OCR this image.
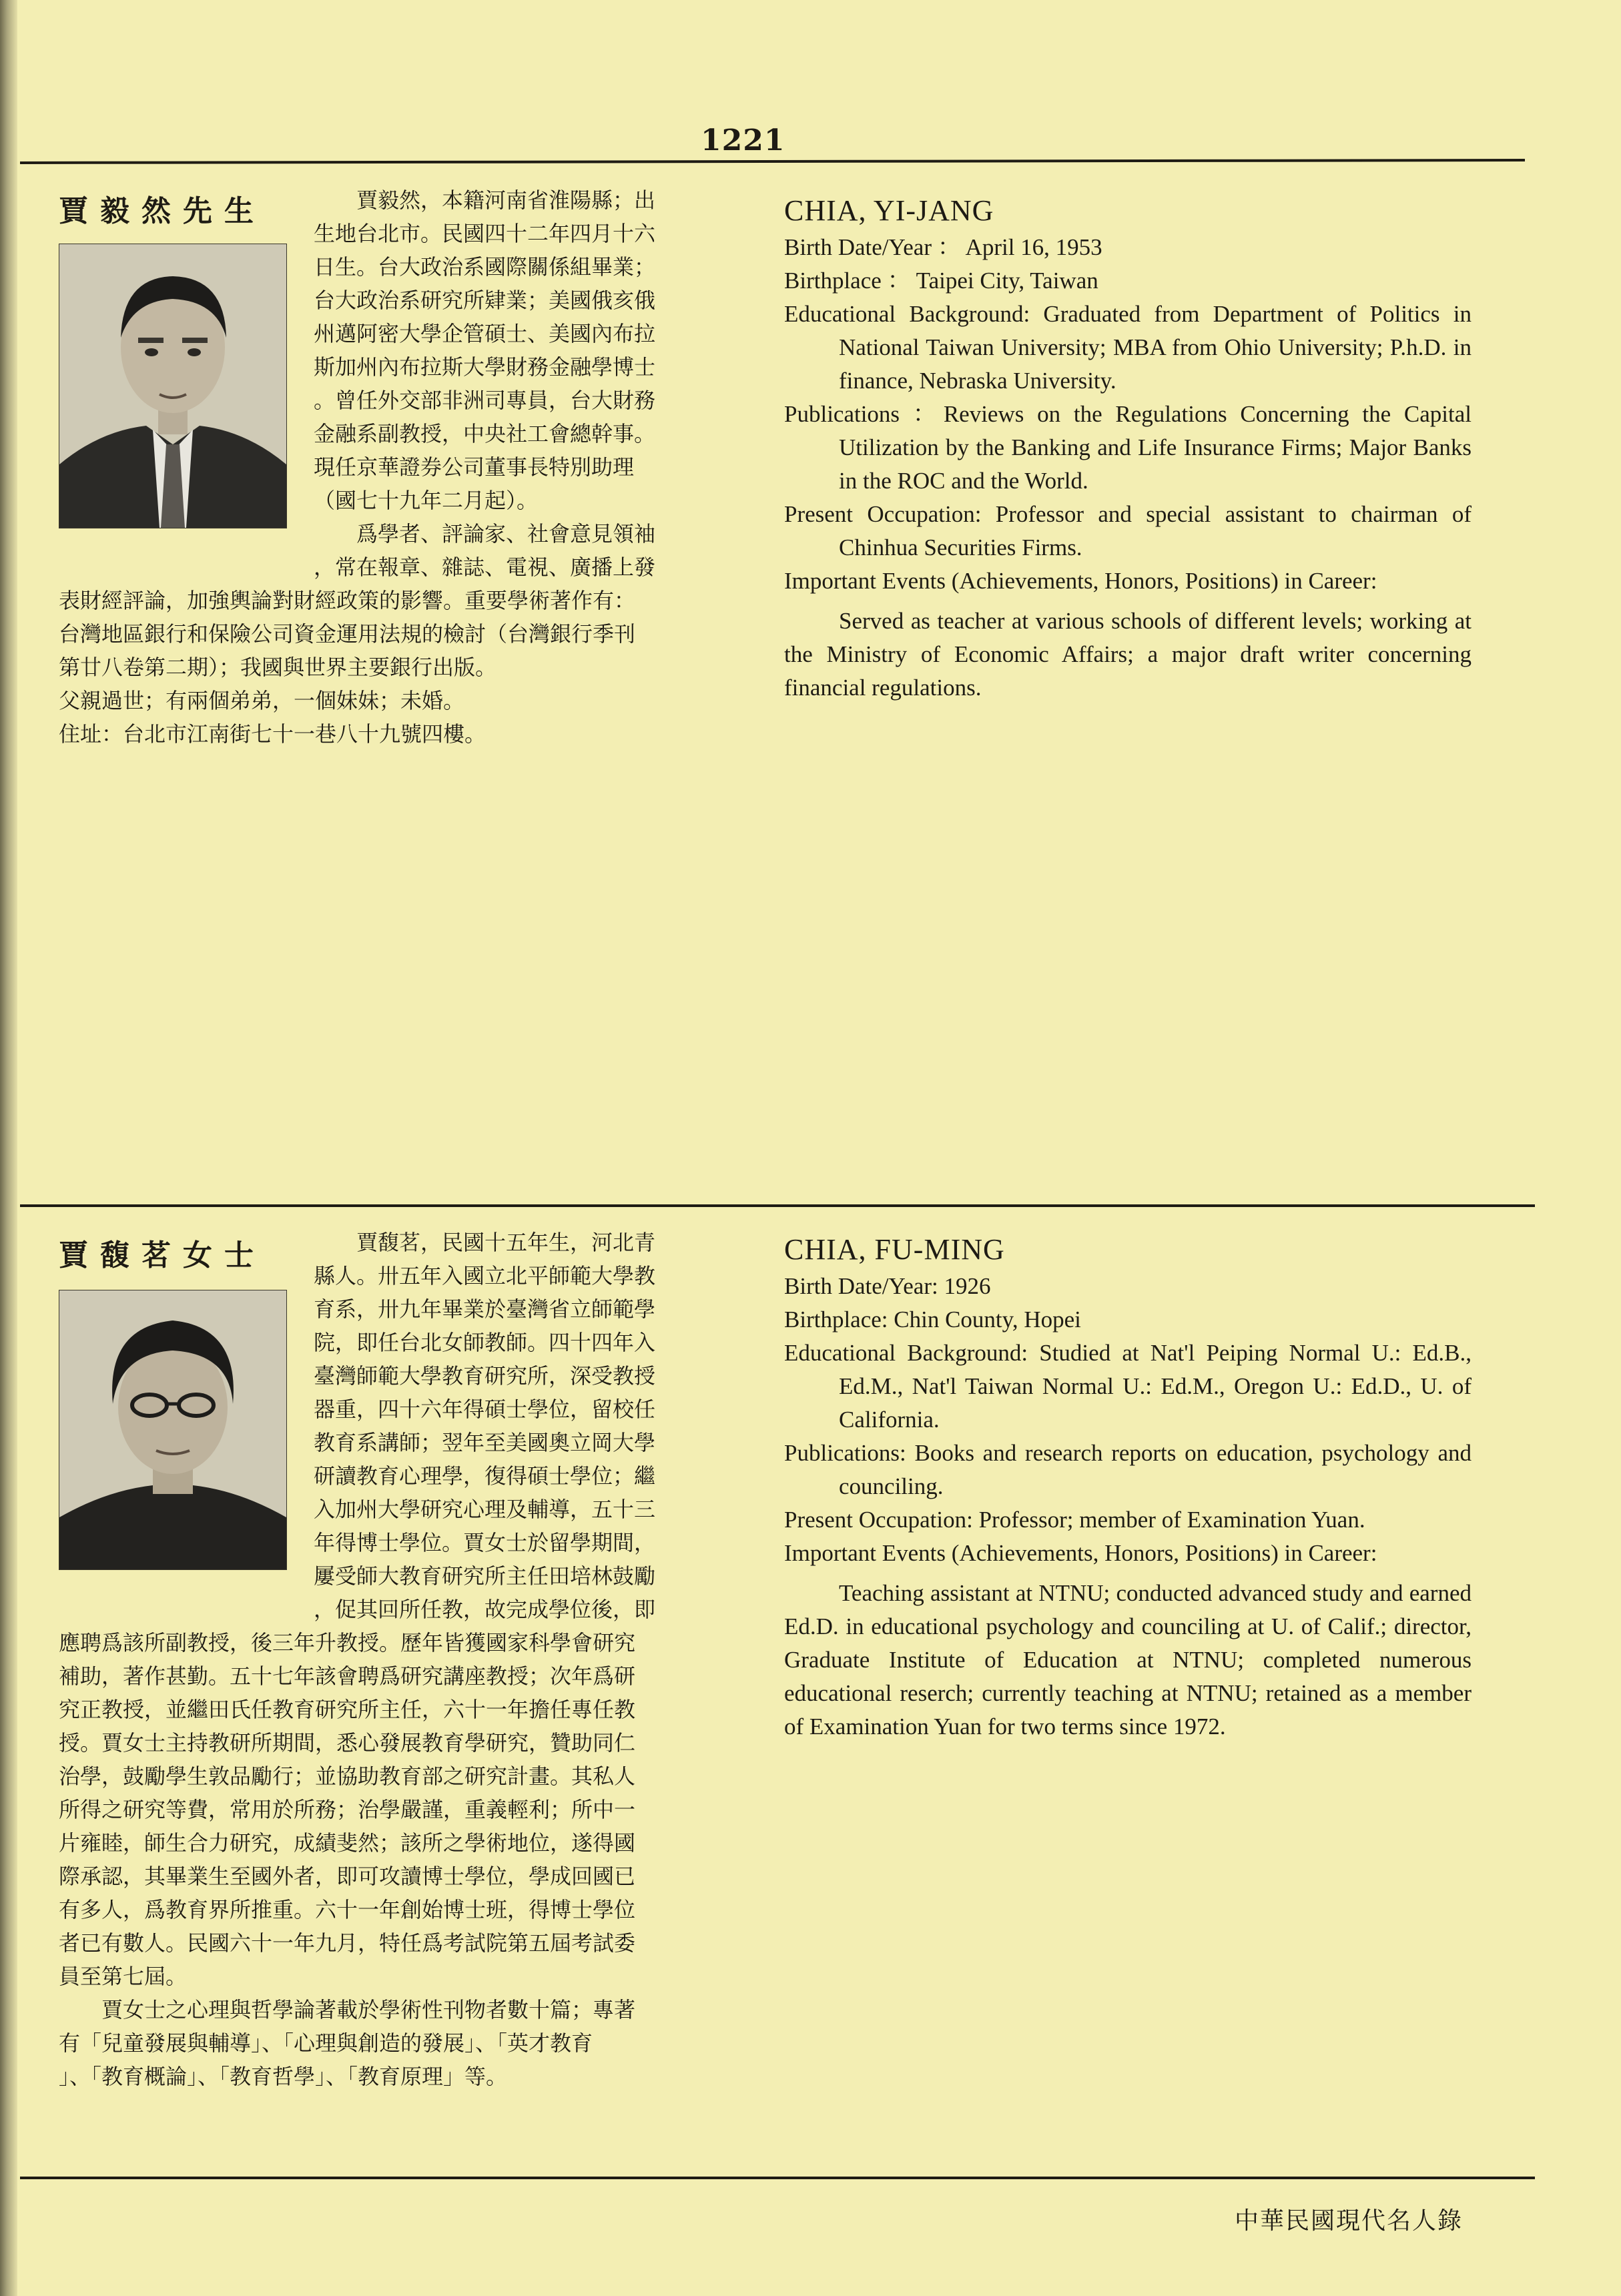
1221
賈毅然先生	賈毅然，本籍河南省淮陽縣；出
生地台北市。民國四十二年四月十六
日生。台大政治系國際關係組畢業；
台大政治系研究所肄業；美國俄亥俄
州邁阿密大學企管碩士、美國內布拉
斯加州內布拉斯大學財務金融學博士
。曾任外交部非洲司專員，台大財務
金融系副教授，中央社工會總幹事。
現任京華證券公司董事長特別助理
（國七十九年二月起）。
爲學者、評論家、社會意見領袖
，常在報章、雜誌、電視、廣播上發
表財經評論，加強輿論對財經政策的影響。重要學術著作有：
台灣地區銀行和保險公司資金運用法規的檢討（台灣銀行季刊
第廿八卷第二期）；我國與世界主要銀行出版。
父親過世；有兩個弟弟，一個妹妹；未婚。
住址：台北市江南街七十一巷八十九號四樓。
CHIA, YI-JANG
Birth Date/Year ： April 16, 1953
Birthplace ： Taipei City, Taiwan
Educational Background: Graduated from Department of Politics in National Taiwan University; MBA from Ohio University; P.h.D. in finance, Nebraska University.
Publications ：Reviews on the Regulations Concerning the Capital Utilization by the Banking and Life Insurance Firms; Major Banks in the ROC and the World.
Present Occupation: Professor and special assistant to chairman of Chinhua Securities Firms.
Important Events (Achievements, Honors, Positions) in Career:
Served as teacher at various schools of different levels; working at the Ministry of Economic Affairs; a major draft writer concerning financial regulations.
賈馥茗女士	賈馥茗，民國十五年生，河北青
縣人。卅五年入國立北平師範大學教
育系，卅九年畢業於臺灣省立師範學
院，即任台北女師教師。四十四年入
臺灣師範大學教育研究所，深受教授
器重，四十六年得碩士學位，留校任
教育系講師；翌年至美國奧立岡大學
研讀教育心理學，復得碩士學位；繼
入加州大學研究心理及輔導，五十三
年得博士學位。賈女士於留學期間，
屢受師大教育研究所主任田培林鼓勵
，促其回所任教，故完成學位後，即
應聘爲該所副教授，後三年升教授。歷年皆獲國家科學會研究
補助，著作甚勤。五十七年該會聘爲研究講座教授；次年爲研
究正教授，並繼田氏任教育研究所主任，六十一年擔任專任教
授。賈女士主持教研所期間，悉心發展教育學研究，贊助同仁
治學，鼓勵學生敦品勵行；並協助教育部之研究計畫。其私人
所得之研究等費，常用於所務；治學嚴謹，重義輕利；所中一
片雍睦，師生合力研究，成績斐然；該所之學術地位，遂得國
際承認，其畢業生至國外者，即可攻讀博士學位，學成回國已
有多人，爲教育界所推重。六十一年創始博士班，得博士學位
者已有數人。民國六十一年九月，特任爲考試院第五屆考試委
員至第七屆。
賈女士之心理與哲學論著載於學術性刊物者數十篇；專著
有「兒童發展與輔導」、「心理與創造的發展」、「英才教育
」、「教育概論」、「教育哲學」、「教育原理」等。
CHIA, FU-MING
Birth Date/Year: 1926
Birthplace: Chin County, Hopei
Educational Background: Studied at Nat'l Peiping Normal U.: Ed.B., Ed.M., Nat'l Taiwan Normal U.: Ed.M., Oregon U.: Ed.D., U. of California.
Publications: Books and research reports on education, psychology and counciling.
Present Occupation: Professor; member of Examination Yuan.
Important Events (Achievements, Honors, Positions) in Career:
Teaching assistant at NTNU; conducted advanced study and earned Ed.D. in educational psychology and counciling at U. of Calif.; director, Graduate Institute of Education at NTNU; completed numerous educational reserch; currently teaching at NTNU; retained as a member of Examination Yuan for two terms since 1972.
中華民國現代名人錄
